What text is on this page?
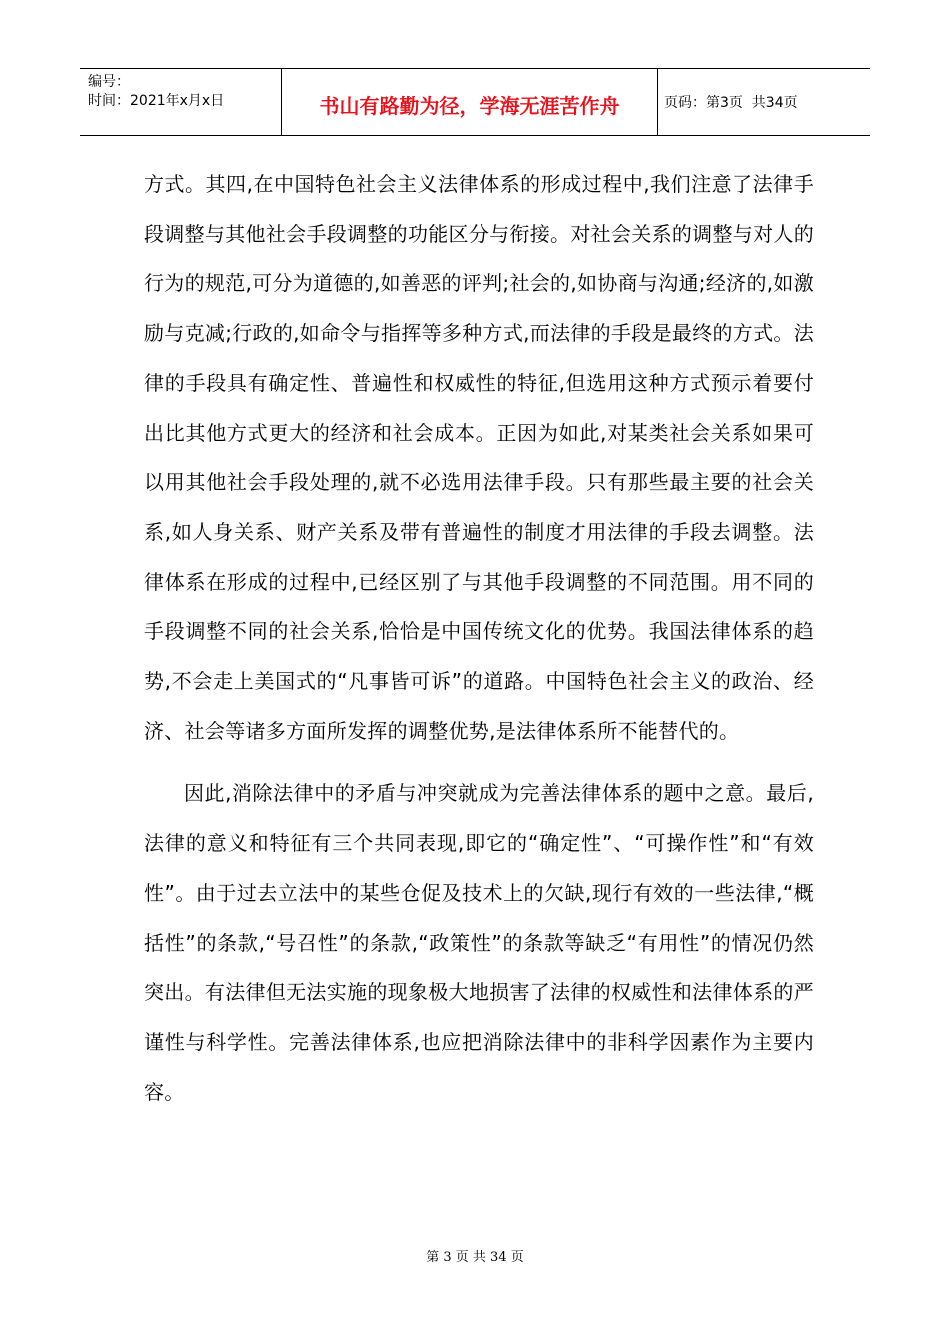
编号：
时间：2021年x月x日	书山有路勤为径，学海无涯苦作舟	页码：第3页  共34页

方式。其四,在中国特色社会主义法律体系的形成过程中,我们注意了法律手段调整与其他社会手段调整的功能区分与衔接。对社会关系的调整与对人的行为的规范,可分为道德的,如善恶的评判;社会的,如协商与沟通;经济的,如激励与克减;行政的,如命令与指挥等多种方式,而法律的手段是最终的方式。法律的手段具有确定性、普遍性和权威性的特征,但选用这种方式预示着要付出比其他方式更大的经济和社会成本。正因为如此,对某类社会关系如果可以用其他社会手段处理的,就不必选用法律手段。只有那些最主要的社会关系,如人身关系、财产关系及带有普遍性的制度才用法律的手段去调整。法律体系在形成的过程中,已经区别了与其他手段调整的不同范围。用不同的手段调整不同的社会关系,恰恰是中国传统文化的优势。我国法律体系的趋势,不会走上美国式的“凡事皆可诉”的道路。中国特色社会主义的政治、经济、社会等诸多方面所发挥的调整优势,是法律体系所不能替代的。

因此,消除法律中的矛盾与冲突就成为完善法律体系的题中之意。最后,法律的意义和特征有三个共同表现,即它的“确定性”、“可操作性”和“有效性”。由于过去立法中的某些仓促及技术上的欠缺,现行有效的一些法律,“概括性”的条款,“号召性”的条款,“政策性”的条款等缺乏“有用性”的情况仍然突出。有法律但无法实施的现象极大地损害了法律的权威性和法律体系的严谨性与科学性。完善法律体系,也应把消除法律中的非科学因素作为主要内容。

第 3 页 共 34 页
